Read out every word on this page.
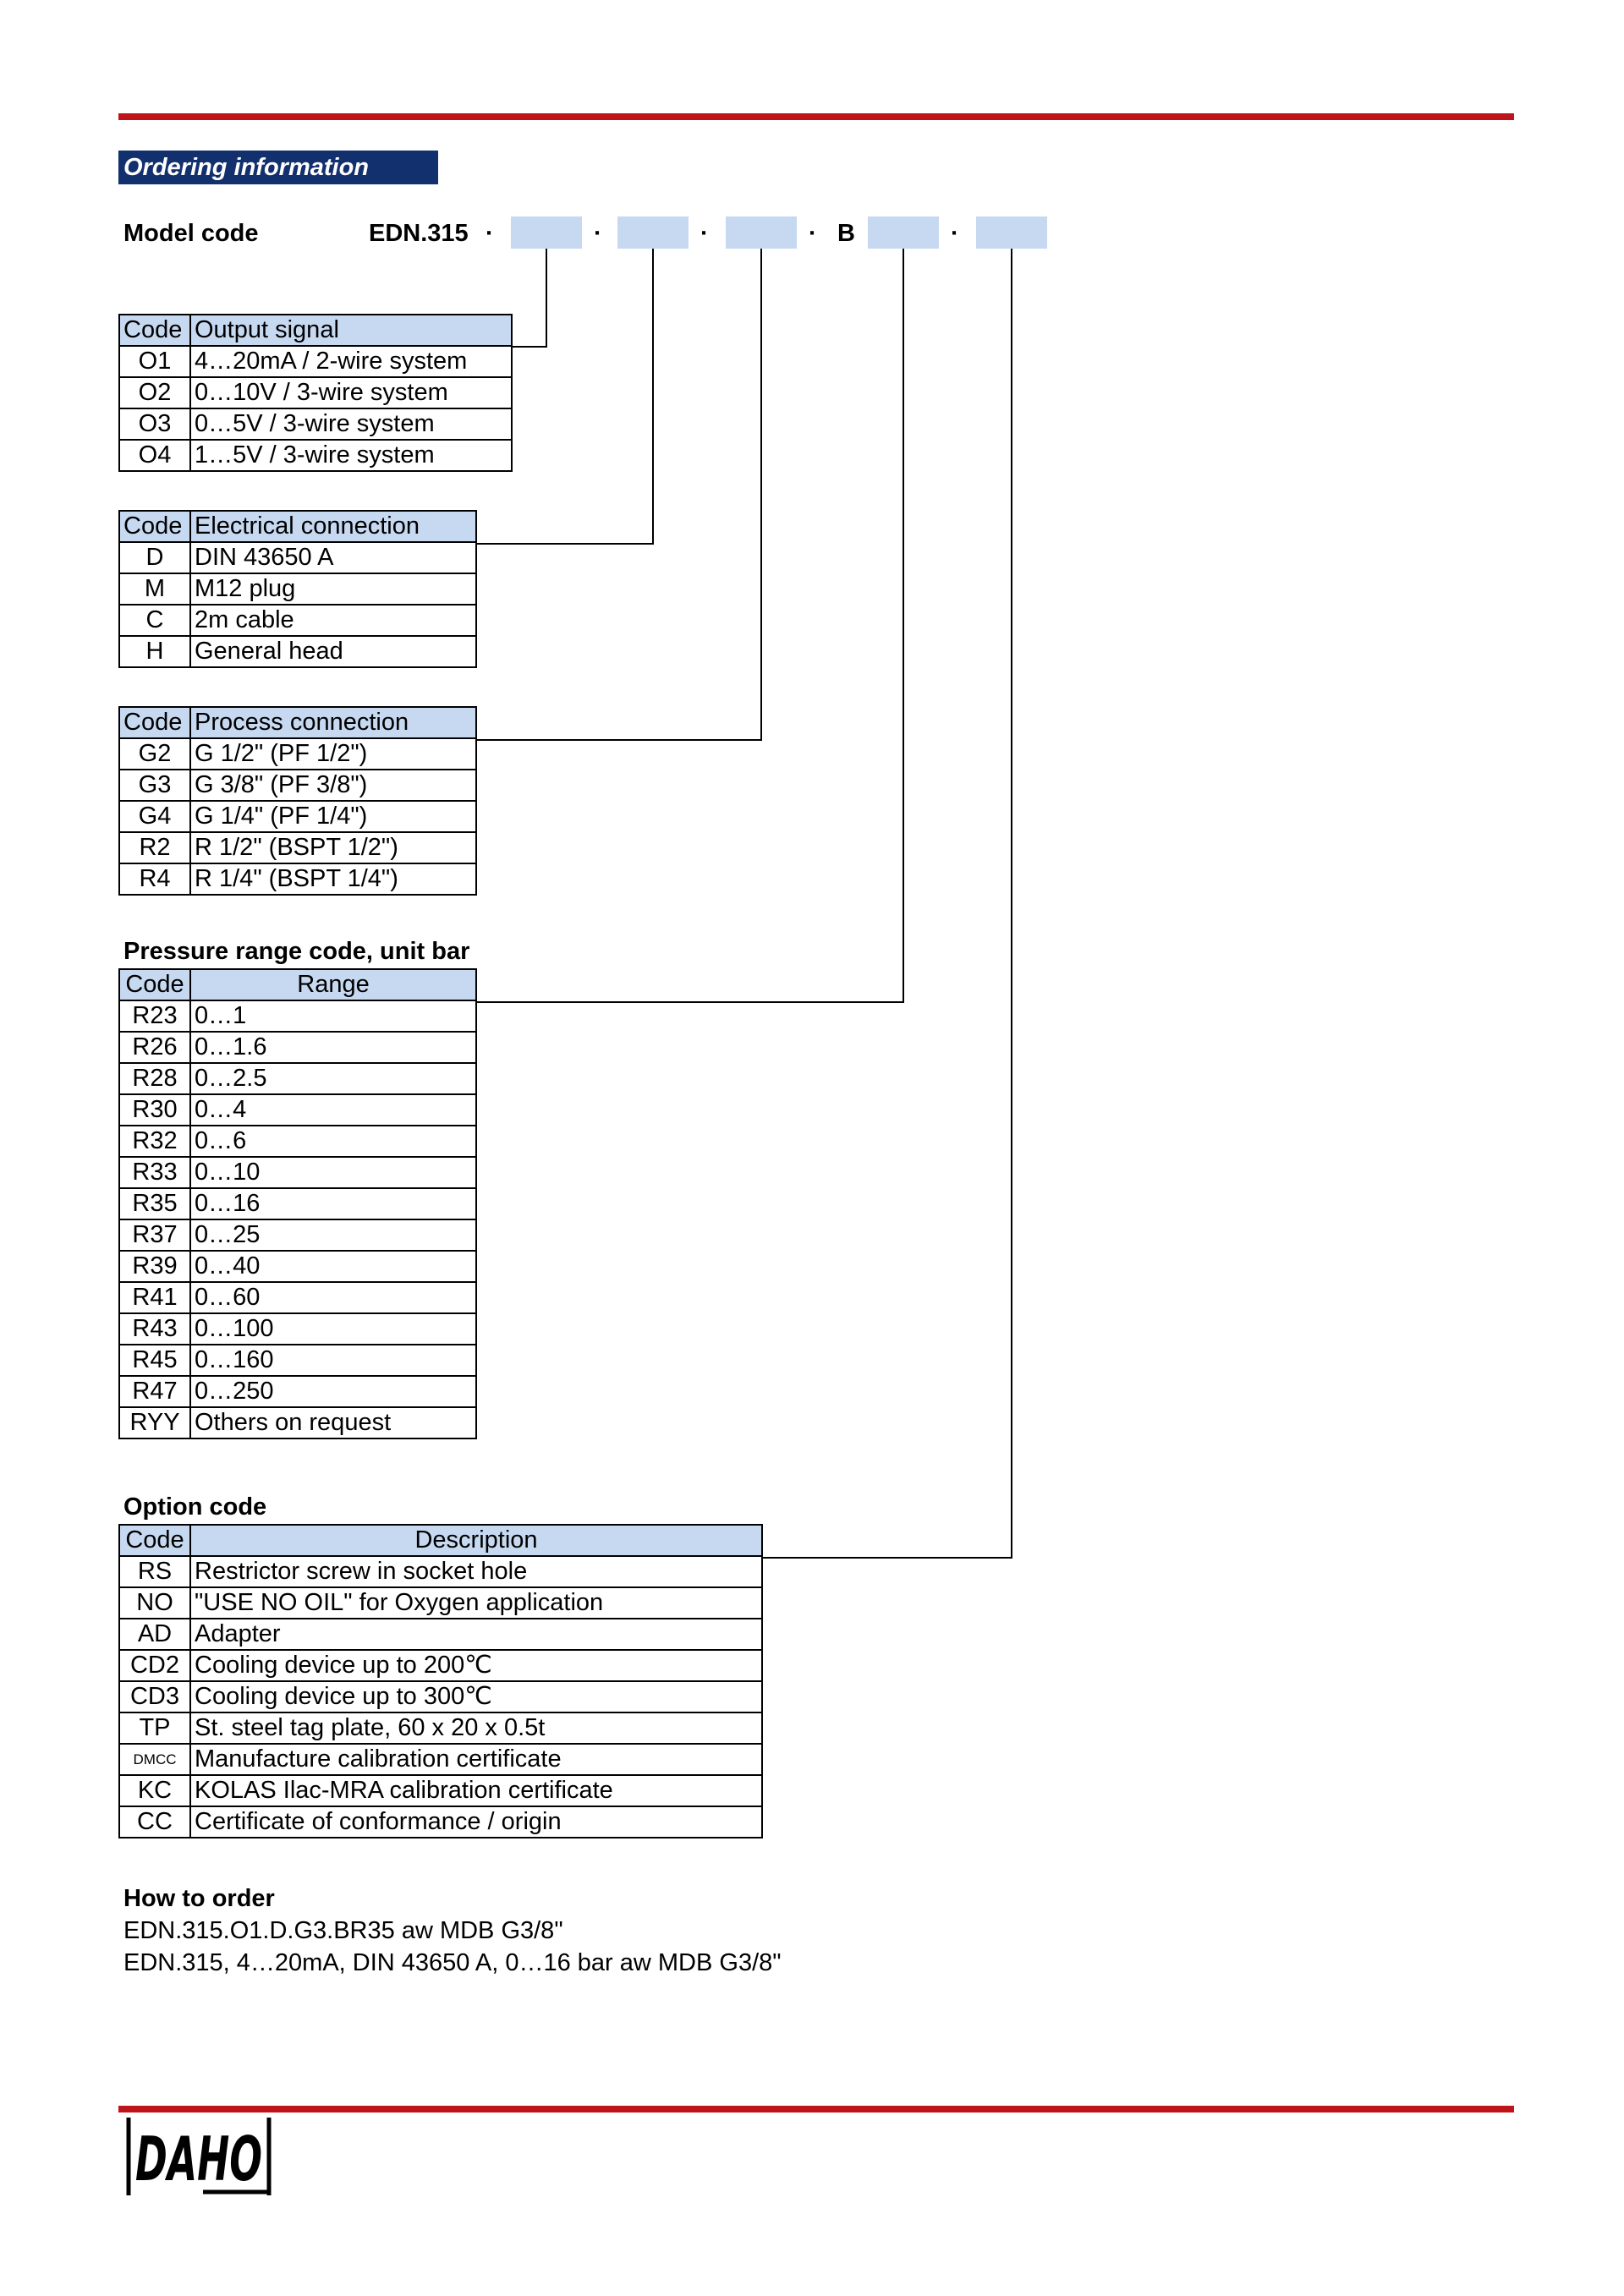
Ordering information
Model code	EDN.315 ·	·	·	· B	·
Code	Output signal
O1	4…20mA / 2-wire system
O2	0…10V / 3-wire system
O3	0…5V / 3-wire system
O4	1…5V / 3-wire system
Code	Electrical connection
D	DIN 43650 A
M	M12 plug
C	2m cable
H	General head
Code	Process connection
G2	G 1/2" (PF 1/2")
G3	G 3/8" (PF 3/8")
G4	G 1/4" (PF 1/4")
R2	R 1/2" (BSPT 1/2")
R4	R 1/4" (BSPT 1/4")
Pressure range code, unit bar
Code	Range
R23	0…1
R26	0…1.6
R28	0…2.5
R30	0…4
R32	0…6
R33	0…10
R35	0…16
R37	0…25
R39	0…40
R41	0…60
R43	0…100
R45	0…160
R47	0…250
RYY	Others on request
Option code
Code	Description
RS	Restrictor screw in socket hole
NO	"USE NO OIL" for Oxygen application
AD	Adapter
CD2	Cooling device up to 200℃
CD3	Cooling device up to 300℃
TP	St. steel tag plate, 60 x 20 x 0.5t
DMCC	Manufacture calibration certificate
KC	KOLAS Ilac-MRA calibration certificate
CC	Certificate of conformance / origin
How to order
EDN.315.O1.D.G3.BR35 aw MDB G3/8"
EDN.315, 4…20mA, DIN 43650 A, 0…16 bar aw MDB G3/8"
DAHO
